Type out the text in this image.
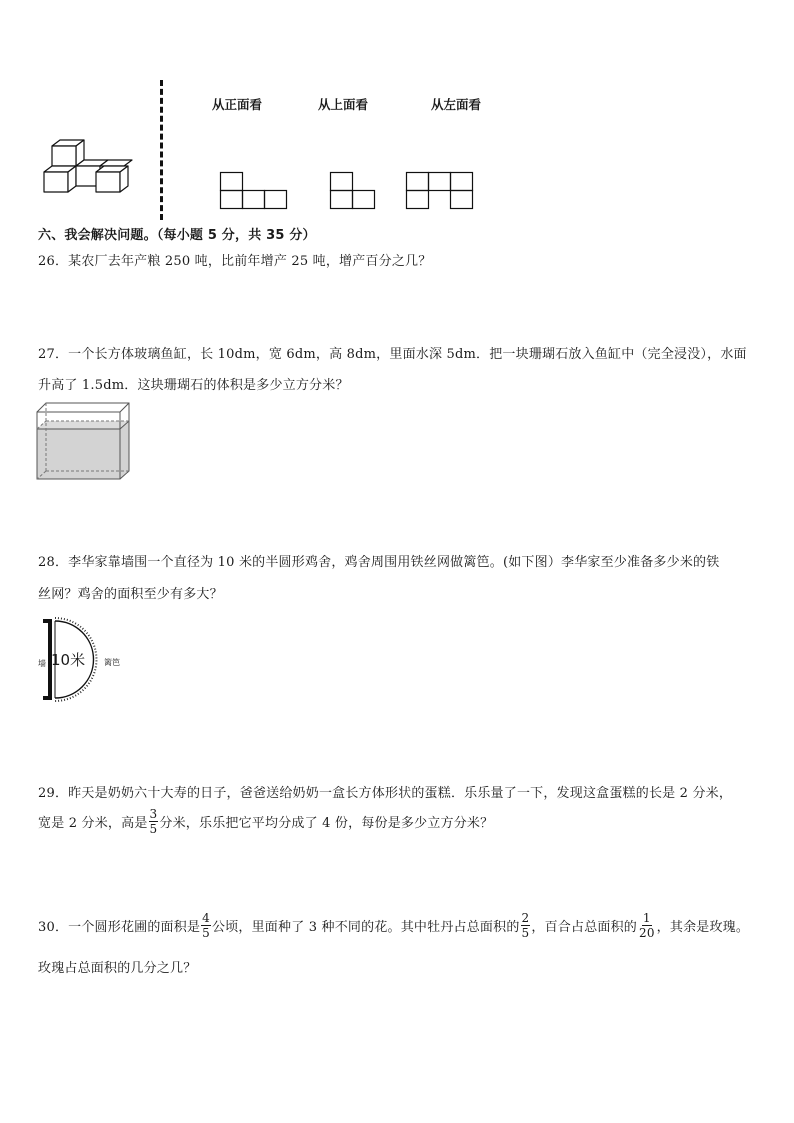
从正面看	从上面看	从左面看
六、我会解决问题。（每小题 5 分，共 35 分）
26．某农厂去年产粮 250 吨，比前年增产 25 吨，增产百分之几？
27．一个长方体玻璃鱼缸，长 10dm，宽 6dm，高 8dm，里面水深 5dm．把一块珊瑚石放入鱼缸中（完全浸没），水面
升高了 1.5dm．这块珊瑚石的体积是多少立方分米？
28．李华家靠墙围一个直径为 10 米的半圆形鸡舍，鸡舍周围用铁丝网做篱笆。(如下图）李华家至少准备多少米的铁
丝网？鸡舍的面积至少有多大？
10米
墙	篱笆
29．昨天是奶奶六十大寿的日子，爸爸送给奶奶一盒长方体形状的蛋糕．乐乐量了一下，发现这盒蛋糕的长是 2 分米，
宽是 2 分米，高是 $\frac{3}{5}$ 分米，乐乐把它平均分成了 4 份，每份是多少立方分米？
30．一个圆形花圃的面积是 $\frac{4}{5}$ 公顷，里面种了 3 种不同的花。其中牡丹占总面积的 $\frac{2}{5}$ ，百合占总面积的 $\frac{1}{20}$ ，其余是玫瑰。
玫瑰占总面积的几分之几？
